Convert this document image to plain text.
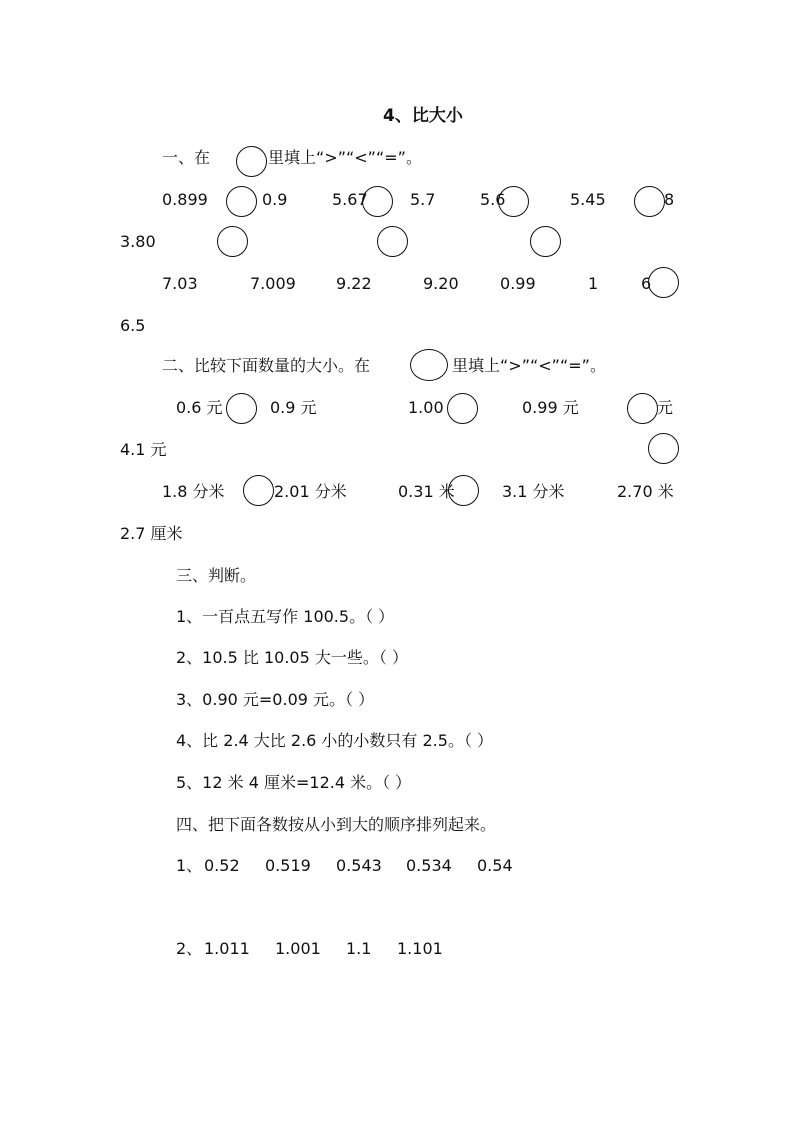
4、比大小
一、在	里填上“>”“<”“=”。
0.899	0.9	5.67	5.7	5.6	5.45	8
3.80
7.03	7.009	9.22	9.20	0.99	1	6
6.5
二、比较下面数量的大小。在	里填上“>”“<”“=”。
0.6 元	0.9 元	1.00	0.99 元	元
4.1 元
1.8 分米	2.01 分米	0.31 米	3.1 分米	2.70 米
2.7 厘米
三、判断。
1、一百点五写作 100.5。（ ）
2、10.5 比 10.05 大一些。（ ）
3、0.90 元=0.09 元。（ ）
4、比 2.4 大比 2.6 小的小数只有 2.5。（ ）
5、12 米 4 厘米=12.4 米。（ ）
四、把下面各数按从小到大的顺序排列起来。
1、 0.52 0.519 0.543 0.534 0.54
2、 1.011 1.001 1.1 1.101
